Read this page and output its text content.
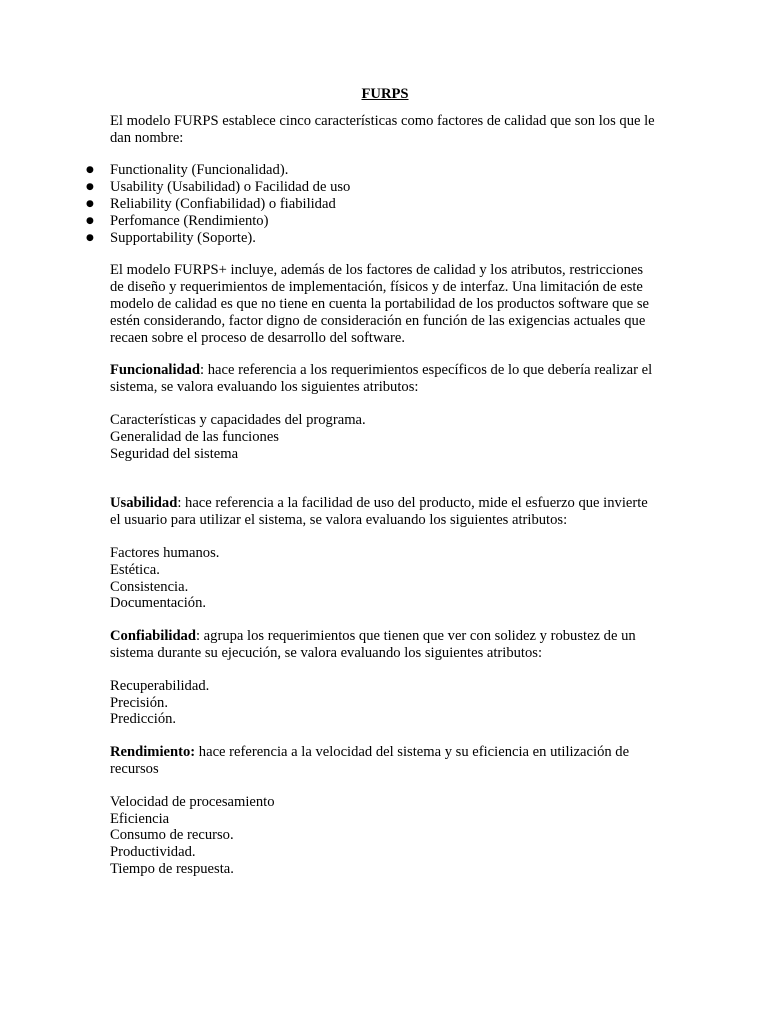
FURPS

El modelo FURPS establece cinco características como factores de calidad que son los que le dan nombre:

● Functionality (Funcionalidad).
● Usability (Usabilidad) o Facilidad de uso
● Reliability (Confiabilidad) o fiabilidad
● Perfomance (Rendimiento)
● Supportability (Soporte).

El modelo FURPS+ incluye, además de los factores de calidad y los atributos, restricciones de diseño y requerimientos de implementación, físicos y de interfaz. Una limitación de este modelo de calidad es que no tiene en cuenta la portabilidad de los productos software que se estén considerando, factor digno de consideración en función de las exigencias actuales que recaen sobre el proceso de desarrollo del software.

Funcionalidad: hace referencia a los requerimientos específicos de lo que debería realizar el sistema, se valora evaluando los siguientes atributos:

Características y capacidades del programa.
Generalidad de las funciones
Seguridad del sistema

Usabilidad: hace referencia a la facilidad de uso del producto, mide el esfuerzo que invierte el usuario para utilizar el sistema, se valora evaluando los siguientes atributos:

Factores humanos.
Estética.
Consistencia.
Documentación.

Confiabilidad: agrupa los requerimientos que tienen que ver con solidez y robustez de un sistema durante su ejecución, se valora evaluando los siguientes atributos:

Recuperabilidad.
Precisión.
Predicción.

Rendimiento: hace referencia a la velocidad del sistema y su eficiencia en utilización de recursos

Velocidad de procesamiento
Eficiencia
Consumo de recurso.
Productividad.
Tiempo de respuesta.
